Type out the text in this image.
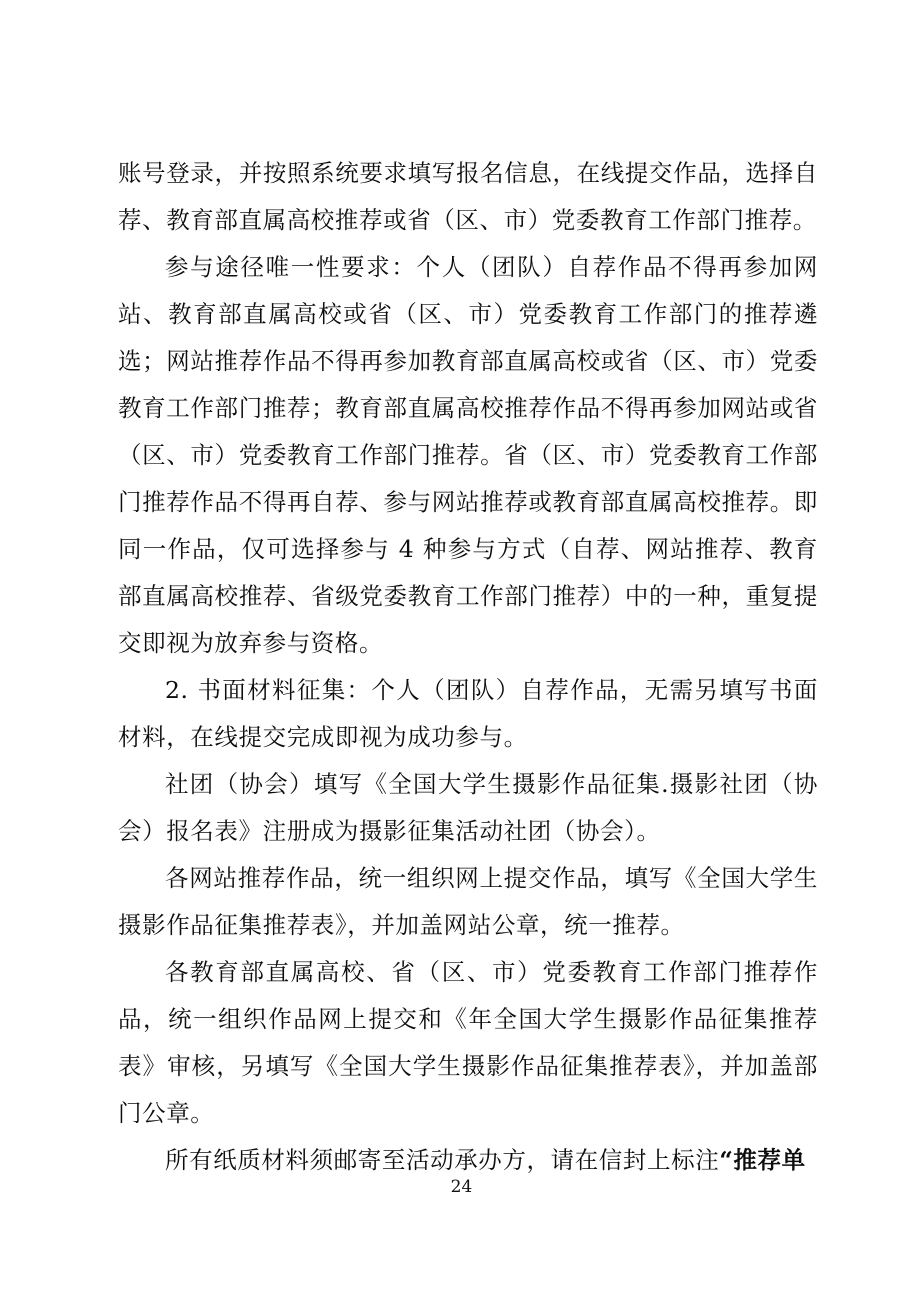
账号登录，并按照系统要求填写报名信息，在线提交作品，选择自荐、教育部直属高校推荐或省（区、市）党委教育工作部门推荐。

参与途径唯一性要求：个人（团队）自荐作品不得再参加网站、教育部直属高校或省（区、市）党委教育工作部门的推荐遴选；网站推荐作品不得再参加教育部直属高校或省（区、市）党委教育工作部门推荐；教育部直属高校推荐作品不得再参加网站或省（区、市）党委教育工作部门推荐。省（区、市）党委教育工作部门推荐作品不得再自荐、参与网站推荐或教育部直属高校推荐。即同一作品，仅可选择参与 4 种参与方式（自荐、网站推荐、教育部直属高校推荐、省级党委教育工作部门推荐）中的一种，重复提交即视为放弃参与资格。

2. 书面材料征集：个人（团队）自荐作品，无需另填写书面材料，在线提交完成即视为成功参与。

社团（协会）填写《全国大学生摄影作品征集.摄影社团（协会）报名表》注册成为摄影征集活动社团（协会）。

各网站推荐作品，统一组织网上提交作品，填写《全国大学生摄影作品征集推荐表》，并加盖网站公章，统一推荐。

各教育部直属高校、省（区、市）党委教育工作部门推荐作品，统一组织作品网上提交和《年全国大学生摄影作品征集推荐表》审核，另填写《全国大学生摄影作品征集推荐表》，并加盖部门公章。

所有纸质材料须邮寄至活动承办方，请在信封上标注“推荐单

24
